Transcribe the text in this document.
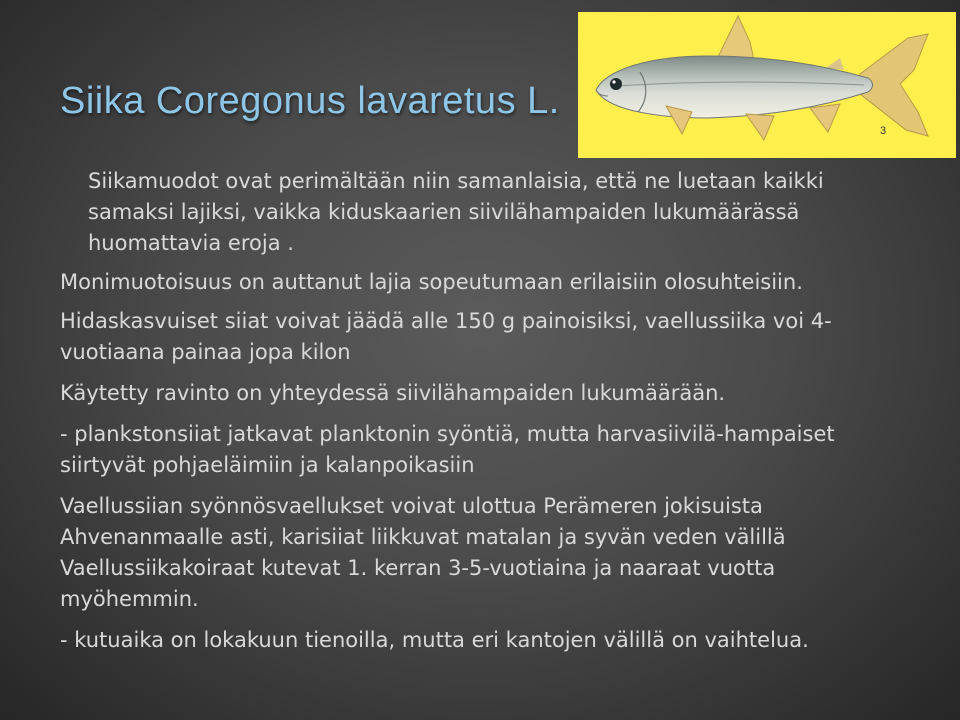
Siika Coregonus lavaretus L.
3

Siikamuodot ovat perimältään niin samanlaisia, että ne luetaan kaikki samaksi lajiksi, vaikka kiduskaarien siivilähampaiden lukumäärässä huomattavia eroja .

Monimuotoisuus on auttanut lajia sopeutumaan erilaisiin olosuhteisiin.

Hidaskasvuiset siiat voivat jäädä alle 150 g painoisiksi, vaellussiika voi 4-vuotiaana painaa jopa kilon

Käytetty ravinto on yhteydessä siivilähampaiden lukumäärään.

- plankstonsiiat jatkavat planktonin syöntiä, mutta harvasiivilä-hampaiset siirtyvät pohjaeläimiin ja kalanpoikasiin

Vaellussiian syönnösvaellukset voivat ulottua Perämeren jokisuista Ahvenanmaalle asti, karisiiat liikkuvat matalan ja syvän veden välillä Vaellussiikakoiraat kutevat 1. kerran 3-5-vuotiaina ja naaraat vuotta myöhemmin.

- kutuaika on lokakuun tienoilla, mutta eri kantojen välillä on vaihtelua.
